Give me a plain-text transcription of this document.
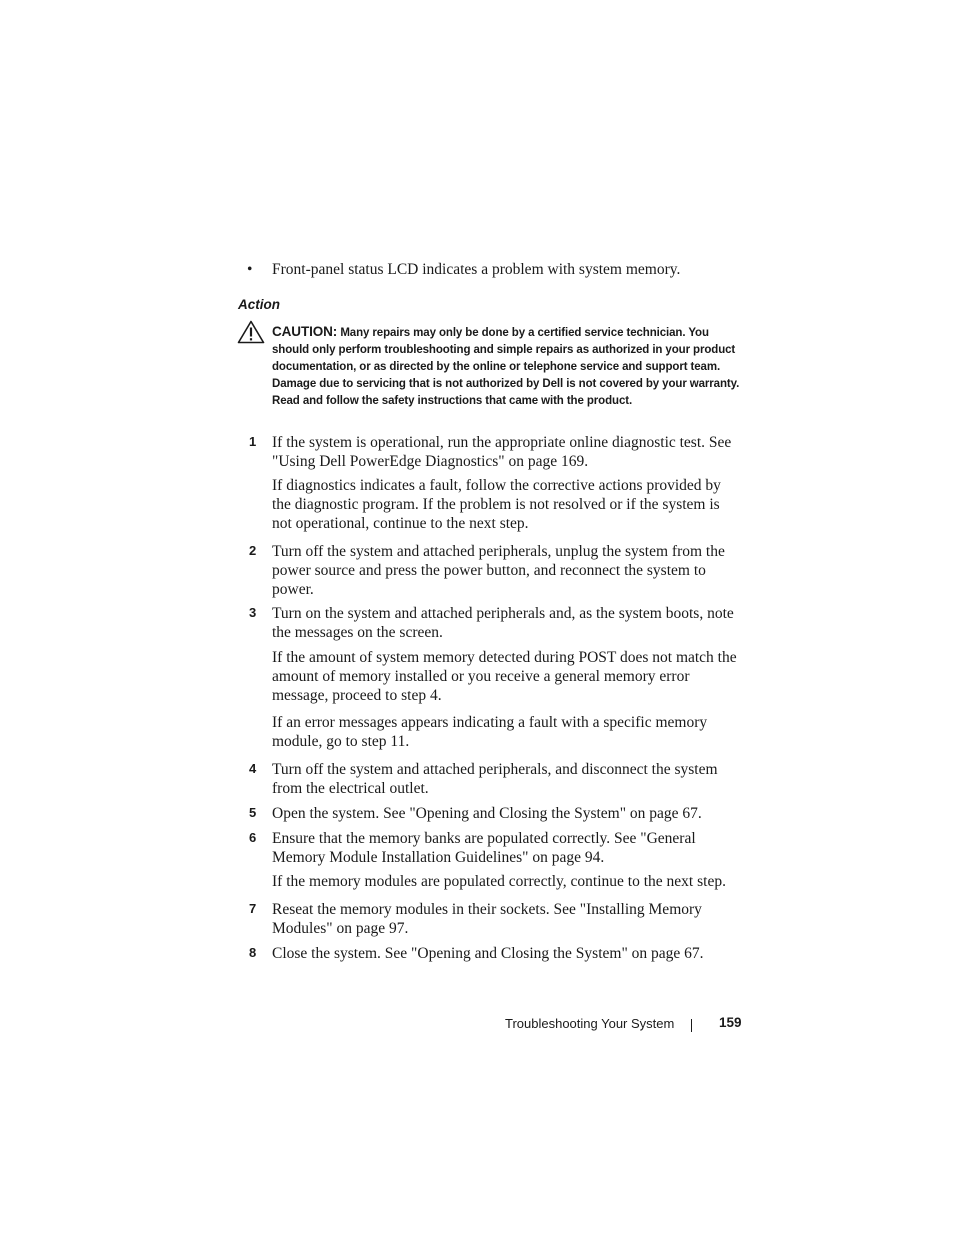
• Front-panel status LCD indicates a problem with system memory.
Action
CAUTION: Many repairs may only be done by a certified service technician. You should only perform troubleshooting and simple repairs as authorized in your product documentation, or as directed by the online or telephone service and support team. Damage due to servicing that is not authorized by Dell is not covered by your warranty. Read and follow the safety instructions that came with the product.
1 If the system is operational, run the appropriate online diagnostic test. See "Using Dell PowerEdge Diagnostics" on page 169.
If diagnostics indicates a fault, follow the corrective actions provided by the diagnostic program. If the problem is not resolved or if the system is not operational, continue to the next step.
2 Turn off the system and attached peripherals, unplug the system from the power source and press the power button, and reconnect the system to power.
3 Turn on the system and attached peripherals and, as the system boots, note the messages on the screen.
If the amount of system memory detected during POST does not match the amount of memory installed or you receive a general memory error message, proceed to step 4.
If an error messages appears indicating a fault with a specific memory module, go to step 11.
4 Turn off the system and attached peripherals, and disconnect the system from the electrical outlet.
5 Open the system. See "Opening and Closing the System" on page 67.
6 Ensure that the memory banks are populated correctly. See "General Memory Module Installation Guidelines" on page 94.
If the memory modules are populated correctly, continue to the next step.
7 Reseat the memory modules in their sockets. See "Installing Memory Modules" on page 97.
8 Close the system. See "Opening and Closing the System" on page 67.
Troubleshooting Your System	159
